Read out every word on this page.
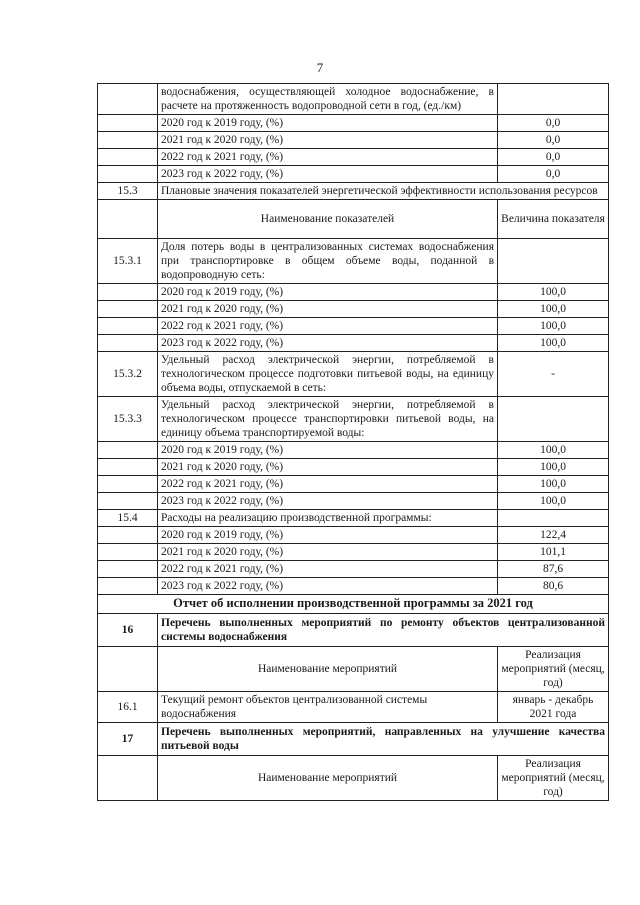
7
	водоснабжения, осуществляющей холодное водоснабжение, в расчете на протяженность водопроводной сети в год, (ед./км)	
	2020 год к 2019 году, (%)	0,0
	2021 год к 2020 году, (%)	0,0
	2022 год к 2021 году, (%)	0,0
	2023 год к 2022 году, (%)	0,0
15.3	Плановые значения показателей энергетической эффективности использования ресурсов	
	Наименование показателей	Величина показателя
15.3.1	Доля потерь воды в централизованных системах водоснабжения при транспортировке в общем объеме воды, поданной в водопроводную сеть:	
	2020 год к 2019 году, (%)	100,0
	2021 год к 2020 году, (%)	100,0
	2022 год к 2021 году, (%)	100,0
	2023 год к 2022 году, (%)	100,0
15.3.2	Удельный расход электрической энергии, потребляемой в технологическом процессе подготовки питьевой воды, на единицу объема воды, отпускаемой в сеть:	-
15.3.3	Удельный расход электрической энергии, потребляемой в технологическом процессе транспортировки питьевой воды, на единицу объема транспортируемой воды:	
	2020 год к 2019 году, (%)	100,0
	2021 год к 2020 году, (%)	100,0
	2022 год к 2021 году, (%)	100,0
	2023 год к 2022 году, (%)	100,0
15.4	Расходы на реализацию производственной программы:	
	2020 год к 2019 году, (%)	122,4
	2021 год к 2020 году, (%)	101,1
	2022 год к 2021 году, (%)	87,6
	2023 год к 2022 году, (%)	80,6
Отчет об исполнении производственной программы за 2021 год		
16	Перечень выполненных мероприятий по ремонту объектов централизованной системы водоснабжения	
	Наименование мероприятий	Реализация мероприятий (месяц, год)
16.1	Текущий ремонт объектов централизованной системы водоснабжения	январь - декабрь 2021 года
17	Перечень выполненных мероприятий, направленных на улучшение качества питьевой воды	
	Наименование мероприятий	Реализация мероприятий (месяц, год)
